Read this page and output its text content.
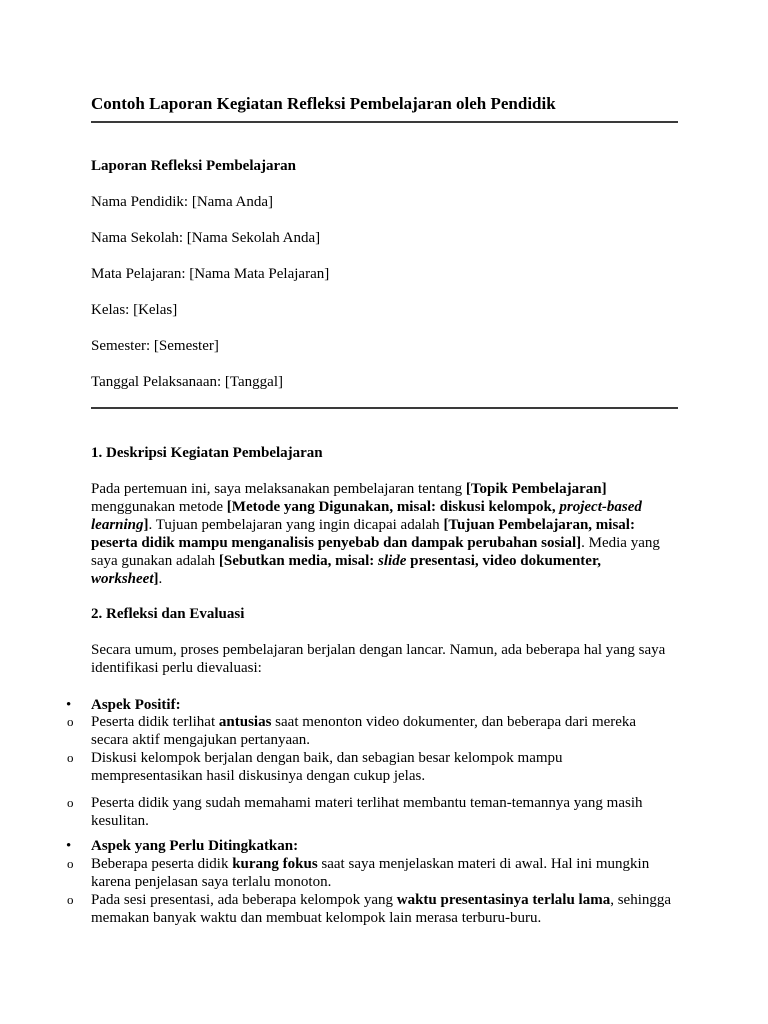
Contoh Laporan Kegiatan Refleksi Pembelajaran oleh Pendidik

Laporan Refleksi Pembelajaran

Nama Pendidik: [Nama Anda]

Nama Sekolah: [Nama Sekolah Anda]

Mata Pelajaran: [Nama Mata Pelajaran]

Kelas: [Kelas]

Semester: [Semester]

Tanggal Pelaksanaan: [Tanggal]

1. Deskripsi Kegiatan Pembelajaran

Pada pertemuan ini, saya melaksanakan pembelajaran tentang [Topik Pembelajaran] menggunakan metode [Metode yang Digunakan, misal: diskusi kelompok, project-based learning]. Tujuan pembelajaran yang ingin dicapai adalah [Tujuan Pembelajaran, misal: peserta didik mampu menganalisis penyebab dan dampak perubahan sosial]. Media yang saya gunakan adalah [Sebutkan media, misal: slide presentasi, video dokumenter, worksheet].

2. Refleksi dan Evaluasi

Secara umum, proses pembelajaran berjalan dengan lancar. Namun, ada beberapa hal yang saya identifikasi perlu dievaluasi:

• Aspek Positif:

o Peserta didik terlihat antusias saat menonton video dokumenter, dan beberapa dari mereka secara aktif mengajukan pertanyaan.

o Diskusi kelompok berjalan dengan baik, dan sebagian besar kelompok mampu mempresentasikan hasil diskusinya dengan cukup jelas.

o Peserta didik yang sudah memahami materi terlihat membantu teman-temannya yang masih kesulitan.

• Aspek yang Perlu Ditingkatkan:

o Beberapa peserta didik kurang fokus saat saya menjelaskan materi di awal. Hal ini mungkin karena penjelasan saya terlalu monoton.

o Pada sesi presentasi, ada beberapa kelompok yang waktu presentasinya terlalu lama, sehingga memakan banyak waktu dan membuat kelompok lain merasa terburu-buru.
